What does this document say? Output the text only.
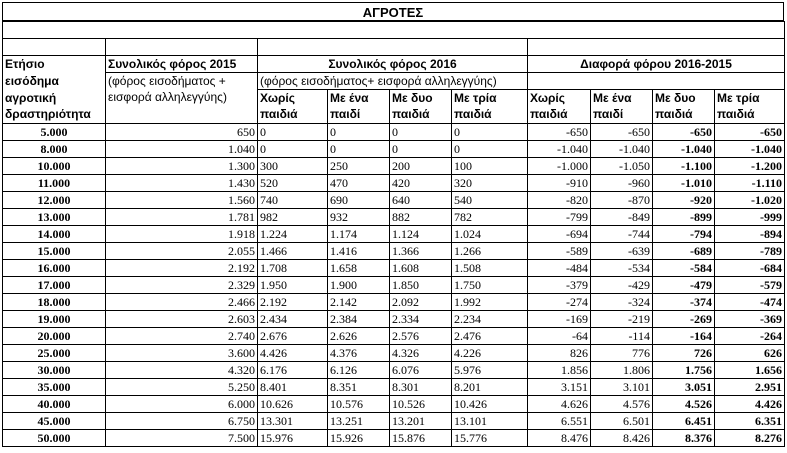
ΑΓΡΟΤΕΣ

Ετήσιο	Συνολικός φόρος 2015	Συνολικός φόρος 2016				Διαφορά φόρου 2016-2015			
εισόδημα	(φόρος εισοδήματος + εισφορά αλληλεγγύης)	(φόρος εισοδήματος+ εισφορά αλληλεγγύης)							
αγροτική
δραστηριότητα		Χωρίς παιδιά	Με ένα παιδί	Με δυο παιδιά	Με τρία παιδιά	Χωρίς παιδιά	Με ένα παιδί	Με δυο παιδιά	Με τρία παιδιά
5.000	650	0	0	0	0	-650	-650	-650	-650
8.000	1.040	0	0	0	0	-1.040	-1.040	-1.040	-1.040
10.000	1.300	300	250	200	100	-1.000	-1.050	-1.100	-1.200
11.000	1.430	520	470	420	320	-910	-960	-1.010	-1.110
12.000	1.560	740	690	640	540	-820	-870	-920	-1.020
13.000	1.781	982	932	882	782	-799	-849	-899	-999
14.000	1.918	1.224	1.174	1.124	1.024	-694	-744	-794	-894
15.000	2.055	1.466	1.416	1.366	1.266	-589	-639	-689	-789
16.000	2.192	1.708	1.658	1.608	1.508	-484	-534	-584	-684
17.000	2.329	1.950	1.900	1.850	1.750	-379	-429	-479	-579
18.000	2.466	2.192	2.142	2.092	1.992	-274	-324	-374	-474
19.000	2.603	2.434	2.384	2.334	2.234	-169	-219	-269	-369
20.000	2.740	2.676	2.626	2.576	2.476	-64	-114	-164	-264
25.000	3.600	4.426	4.376	4.326	4.226	826	776	726	626
30.000	4.320	6.176	6.126	6.076	5.976	1.856	1.806	1.756	1.656
35.000	5.250	8.401	8.351	8.301	8.201	3.151	3.101	3.051	2.951
40.000	6.000	10.626	10.576	10.526	10.426	4.626	4.576	4.526	4.426
45.000	6.750	13.301	13.251	13.201	13.101	6.551	6.501	6.451	6.351
50.000	7.500	15.976	15.926	15.876	15.776	8.476	8.426	8.376	8.276
